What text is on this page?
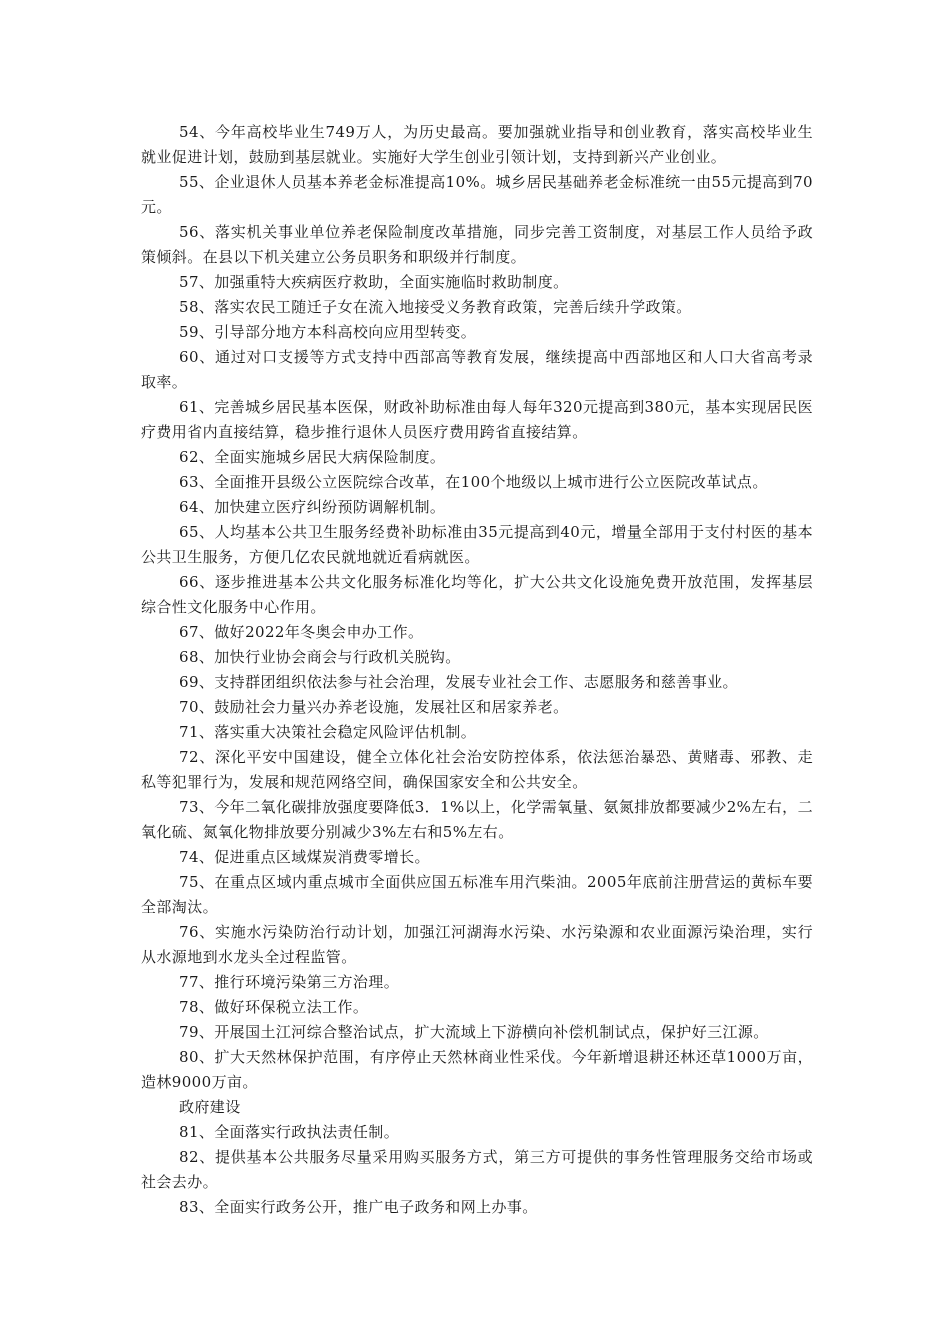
54、今年高校毕业生749万人，为历史最高。要加强就业指导和创业教育，落实高校毕业生就业促进计划，鼓励到基层就业。实施好大学生创业引领计划，支持到新兴产业创业。

55、企业退休人员基本养老金标准提高10%。城乡居民基础养老金标准统一由55元提高到70元。

56、落实机关事业单位养老保险制度改革措施，同步完善工资制度，对基层工作人员给予政策倾斜。在县以下机关建立公务员职务和职级并行制度。

57、加强重特大疾病医疗救助，全面实施临时救助制度。

58、落实农民工随迁子女在流入地接受义务教育政策，完善后续升学政策。

59、引导部分地方本科高校向应用型转变。

60、通过对口支援等方式支持中西部高等教育发展，继续提高中西部地区和人口大省高考录取率。

61、完善城乡居民基本医保，财政补助标准由每人每年320元提高到380元，基本实现居民医疗费用省内直接结算，稳步推行退休人员医疗费用跨省直接结算。

62、全面实施城乡居民大病保险制度。

63、全面推开县级公立医院综合改革，在100个地级以上城市进行公立医院改革试点。

64、加快建立医疗纠纷预防调解机制。

65、人均基本公共卫生服务经费补助标准由35元提高到40元，增量全部用于支付村医的基本公共卫生服务，方便几亿农民就地就近看病就医。

66、逐步推进基本公共文化服务标准化均等化，扩大公共文化设施免费开放范围，发挥基层综合性文化服务中心作用。

67、做好2022年冬奥会申办工作。

68、加快行业协会商会与行政机关脱钩。

69、支持群团组织依法参与社会治理，发展专业社会工作、志愿服务和慈善事业。

70、鼓励社会力量兴办养老设施，发展社区和居家养老。

71、落实重大决策社会稳定风险评估机制。

72、深化平安中国建设，健全立体化社会治安防控体系，依法惩治暴恐、黄赌毒、邪教、走私等犯罪行为，发展和规范网络空间，确保国家安全和公共安全。

73、今年二氧化碳排放强度要降低3．1%以上，化学需氧量、氨氮排放都要减少2%左右，二氧化硫、氮氧化物排放要分别减少3%左右和5%左右。

74、促进重点区域煤炭消费零增长。

75、在重点区域内重点城市全面供应国五标准车用汽柴油。2005年底前注册营运的黄标车要全部淘汰。

76、实施水污染防治行动计划，加强江河湖海水污染、水污染源和农业面源污染治理，实行从水源地到水龙头全过程监管。

77、推行环境污染第三方治理。

78、做好环保税立法工作。

79、开展国土江河综合整治试点，扩大流域上下游横向补偿机制试点，保护好三江源。

80、扩大天然林保护范围，有序停止天然林商业性采伐。今年新增退耕还林还草1000万亩，造林9000万亩。

政府建设

81、全面落实行政执法责任制。

82、提供基本公共服务尽量采用购买服务方式，第三方可提供的事务性管理服务交给市场或社会去办。

83、全面实行政务公开，推广电子政务和网上办事。
